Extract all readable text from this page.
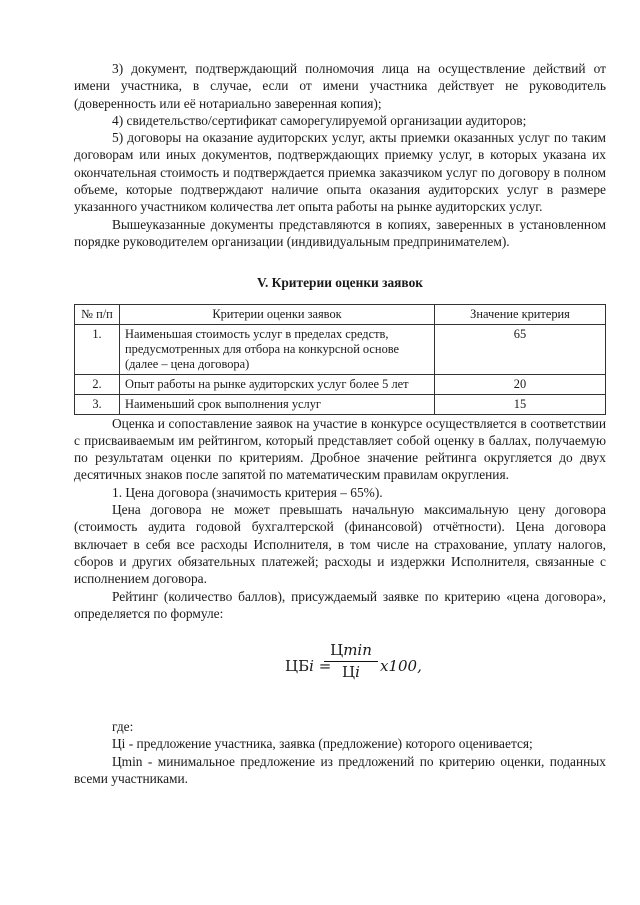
3) документ, подтверждающий полномочия лица на осуществление действий от имени участника, в случае, если от имени участника действует не руководитель (доверенность или её нотариально заверенная копия);

4) свидетельство/сертификат саморегулируемой организации аудиторов;

5) договоры на оказание аудиторских услуг, акты приемки оказанных услуг по таким договорам или иных документов, подтверждающих приемку услуг, в которых указана их окончательная стоимость и подтверждается приемка заказчиком услуг по договору в полном объеме, которые подтверждают наличие опыта оказания аудиторских услуг в размере указанного участником количества лет опыта работы на рынке аудиторских услуг.

Вышеуказанные документы представляются в копиях, заверенных в установленном порядке руководителем организации (индивидуальным предпринимателем).

V. Критерии оценки заявок
№ п/п	Критерии оценки заявок	Значение критерия
1.	Наименьшая стоимость услуг в пределах средств, предусмотренных для отбора на конкурсной основе (далее – цена договора)	65
2.	Опыт работы на рынке аудиторских услуг более 5 лет	20
3.	Наименьший срок выполнения услуг	15

Оценка и сопоставление заявок на участие в конкурсе осуществляется в соответствии с присваиваемым им рейтингом, который представляет собой оценку в баллах, получаемую по результатам оценки по критериям. Дробное значение рейтинга округляется до двух десятичных знаков после запятой по математическим правилам округления.

1. Цена договора (значимость критерия – 65%).

Цена договора не может превышать начальную максимальную цену договора (стоимость аудита годовой бухгалтерской (финансовой) отчётности). Цена договора включает в себя все расходы Исполнителя, в том числе на страхование, уплату налогов, сборов и других обязательных платежей; расходы и издержки Исполнителя, связанные с исполнением договора.

Рейтинг (количество баллов), присуждаемый заявке по критерию «цена договора», определяется по формуле:

ЦБi =
Цmin
Цi	x100,

где:

Цi - предложение участника, заявка (предложение) которого оценивается;

Цmin - минимальное предложение из предложений по критерию оценки, поданных всеми участниками.
